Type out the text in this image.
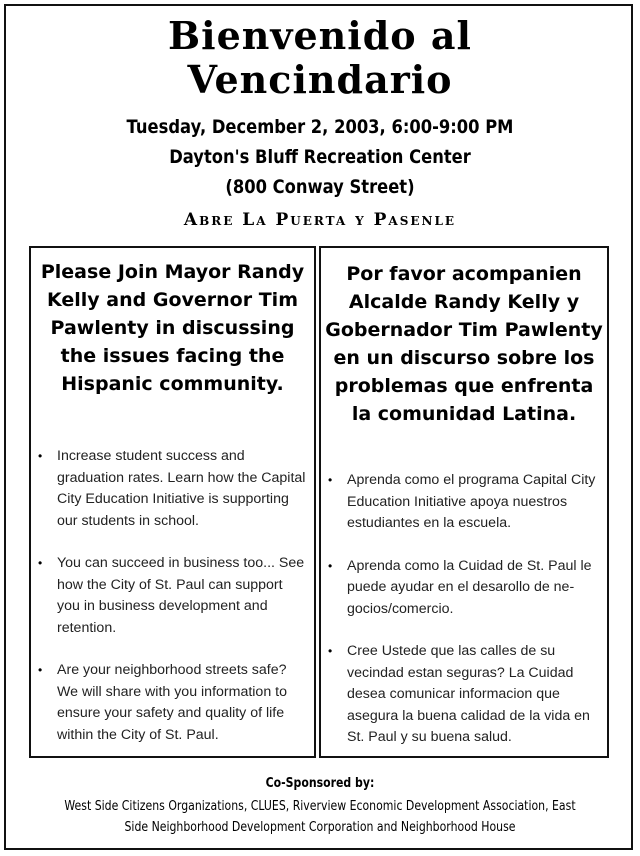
Bienvenido al
Vencindario
Tuesday, December 2, 2003, 6:00-9:00 PM
Dayton's Bluff Recreation Center
(800 Conway Street)
Abre La Puerta y Pasenle
Please Join Mayor Randy Kelly and Governor Tim Pawlenty in discussing the issues facing the Hispanic community.
• Increase student success and graduation rates. Learn how the Capital City Education Initiative is supporting our students in school.
• You can succeed in business too... See how the City of St. Paul can support you in business development and retention.
• Are your neighborhood streets safe? We will share with you information to ensure your safety and quality of life within the City of St. Paul.
Por favor acompanien Alcalde Randy Kelly y Gobernador Tim Pawlenty en un discurso sobre los problemas que enfrenta la comunidad Latina.
• Aprenda como el programa Capital City Education Initiative apoya nuestros estudiantes en la escuela.
• Aprenda como la Cuidad de St. Paul le puede ayudar en el desarollo de ne-gocios/comercio.
• Cree Ustede que las calles de su vecindad estan seguras? La Cuidad desea comunicar informacion que asegura la buena calidad de la vida en St. Paul y su buena salud.
Co-Sponsored by:
West Side Citizens Organizations, CLUES, Riverview Economic Development Association, East
Side Neighborhood Development Corporation and Neighborhood House
